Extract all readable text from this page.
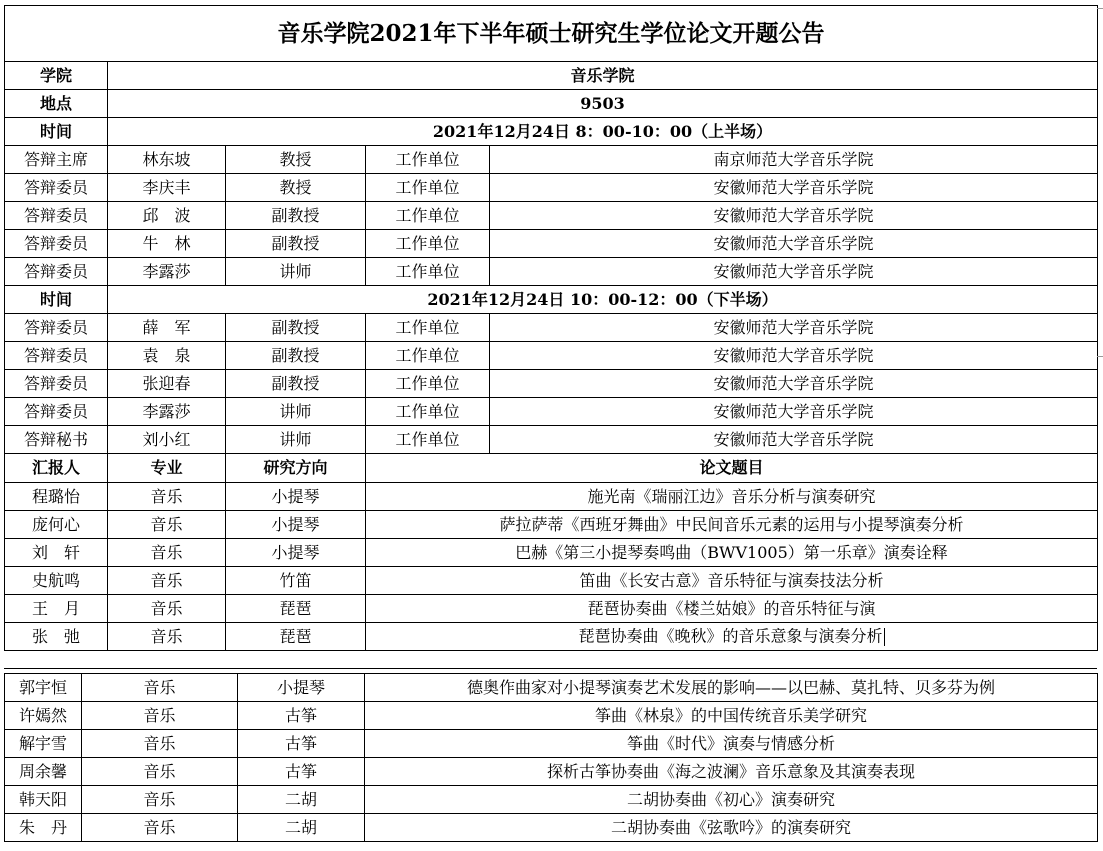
音乐学院2021年下半年硕士研究生学位论文开题公告				
学院	音乐学院			
地点	9503			
时间	2021年12月24日 8：00-10：00（上半场）			
答辩主席	林东坡	教授	工作单位	南京师范大学音乐学院
答辩委员	李庆丰	教授	工作单位	安徽师范大学音乐学院
答辩委员	邱　波	副教授	工作单位	安徽师范大学音乐学院
答辩委员	牛　林	副教授	工作单位	安徽师范大学音乐学院
答辩委员	李露莎	讲师	工作单位	安徽师范大学音乐学院
时间	2021年12月24日 10：00-12：00（下半场）			
答辩委员	薛　军	副教授	工作单位	安徽师范大学音乐学院
答辩委员	袁　泉	副教授	工作单位	安徽师范大学音乐学院
答辩委员	张迎春	副教授	工作单位	安徽师范大学音乐学院
答辩委员	李露莎	讲师	工作单位	安徽师范大学音乐学院
答辩秘书	刘小红	讲师	工作单位	安徽师范大学音乐学院
汇报人	专业	研究方向	论文题目	
程璐怡	音乐	小提琴	施光南《瑞丽江边》音乐分析与演奏研究	
庞何心	音乐	小提琴	萨拉萨蒂《西班牙舞曲》中民间音乐元素的运用与小提琴演奏分析	
刘　轩	音乐	小提琴	巴赫《第三小提琴奏鸣曲（BWV1005）第一乐章》演奏诠释	
史航鸣	音乐	竹笛	笛曲《长安古意》音乐特征与演奏技法分析	
王　月	音乐	琵琶	琵琶协奏曲《楼兰姑娘》的音乐特征与演	
张　弛	音乐	琵琶	琵琶协奏曲《晚秋》的音乐意象与演奏分析	
郭宇恒	音乐	小提琴	德奥作曲家对小提琴演奏艺术发展的影响——以巴赫、莫扎特、贝多芬为例
许嫣然	音乐	古筝	筝曲《林泉》的中国传统音乐美学研究
解宇雪	音乐	古筝	筝曲《时代》演奏与情感分析
周余馨	音乐	古筝	探析古筝协奏曲《海之波澜》音乐意象及其演奏表现
韩天阳	音乐	二胡	二胡协奏曲《初心》演奏研究
朱　丹	音乐	二胡	二胡协奏曲《弦歌吟》的演奏研究
